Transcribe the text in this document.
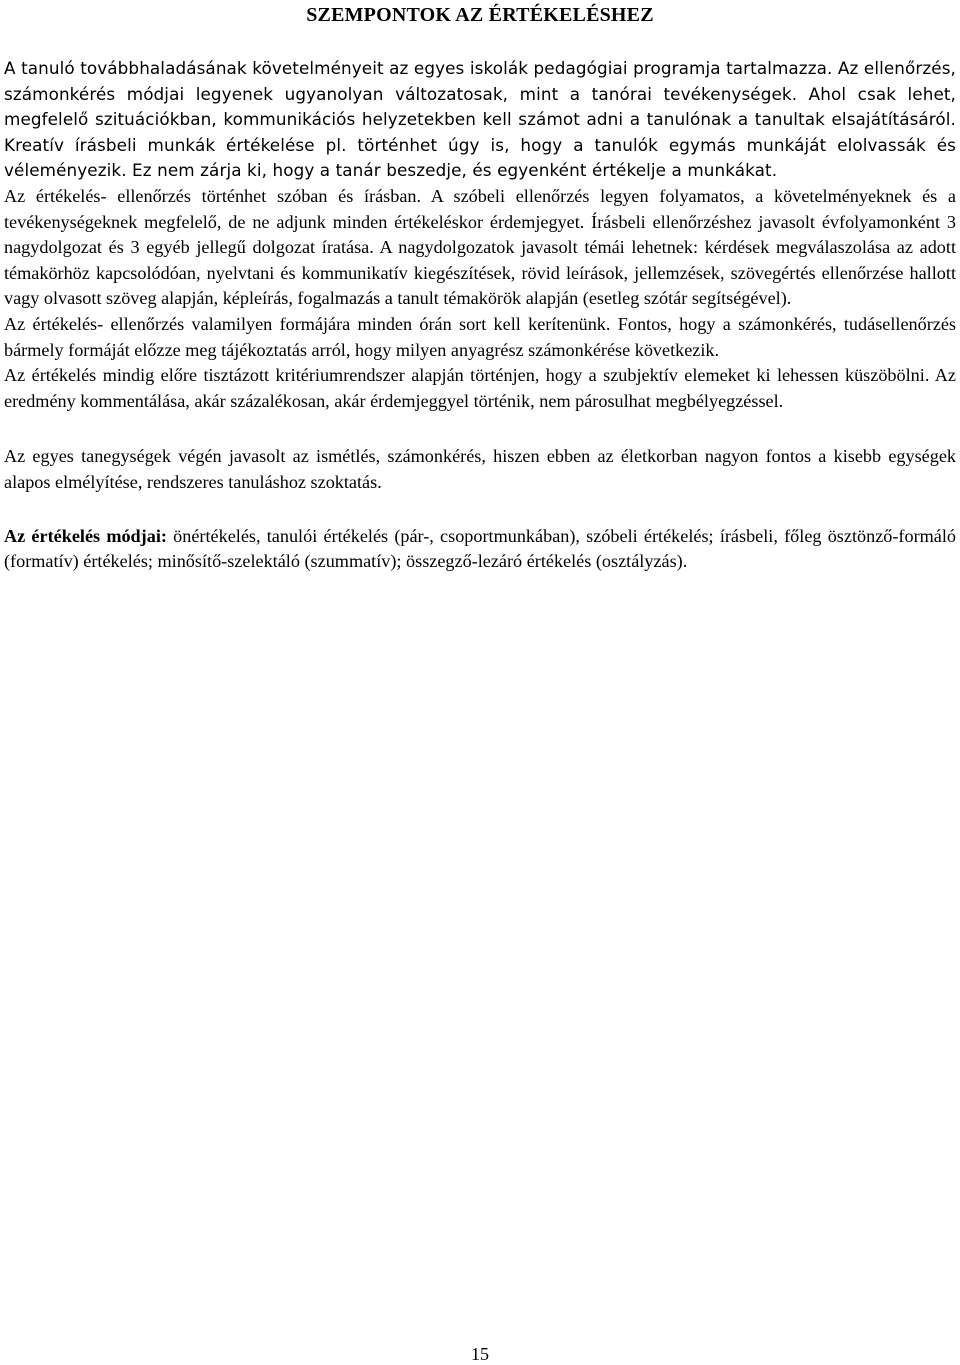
SZEMPONTOK AZ ÉRTÉKELÉSHEZ

A tanuló továbbhaladásának követelményeit az egyes iskolák pedagógiai programja tartalmazza. Az ellenőrzés, számonkérés módjai legyenek ugyanolyan változatosak, mint a tanórai tevékenységek. Ahol csak lehet, megfelelő szituációkban, kommunikációs helyzetekben kell számot adni a tanulónak a tanultak elsajátításáról. Kreatív írásbeli munkák értékelése pl. történhet úgy is, hogy a tanulók egymás munkáját elolvassák és véleményezik. Ez nem zárja ki, hogy a tanár beszedje, és egyenként értékelje a munkákat.

Az értékelés- ellenőrzés történhet szóban és írásban. A szóbeli ellenőrzés legyen folyamatos, a követelményeknek és a tevékenységeknek megfelelő, de ne adjunk minden értékeléskor érdemjegyet. Írásbeli ellenőrzéshez javasolt évfolyamonként 3 nagydolgozat és 3 egyéb jellegű dolgozat íratása. A nagydolgozatok javasolt témái lehetnek: kérdések megválaszolása az adott témakörhöz kapcsolódóan, nyelvtani és kommunikatív kiegészítések, rövid leírások, jellemzések, szövegértés ellenőrzése hallott vagy olvasott szöveg alapján, képleírás, fogalmazás a tanult témakörök alapján (esetleg szótár segítségével).

Az értékelés- ellenőrzés valamilyen formájára minden órán sort kell kerítenünk. Fontos, hogy a számonkérés, tudásellenőrzés bármely formáját előzze meg tájékoztatás arról, hogy milyen anyagrész számonkérése következik.

Az értékelés mindig előre tisztázott kritériumrendszer alapján történjen, hogy a szubjektív elemeket ki lehessen küszöbölni. Az eredmény kommentálása, akár százalékosan, akár érdemjeggyel történik, nem párosulhat megbélyegzéssel.

Az egyes tanegységek végén javasolt az ismétlés, számonkérés, hiszen ebben az életkorban nagyon fontos a kisebb egységek alapos elmélyítése, rendszeres tanuláshoz szoktatás.

Az értékelés módjai: önértékelés, tanulói értékelés (pár-, csoportmunkában), szóbeli értékelés; írásbeli, főleg ösztönző-formáló (formatív) értékelés; minősítő-szelektáló (szummatív); összegző-lezáró értékelés (osztályzás).

15
